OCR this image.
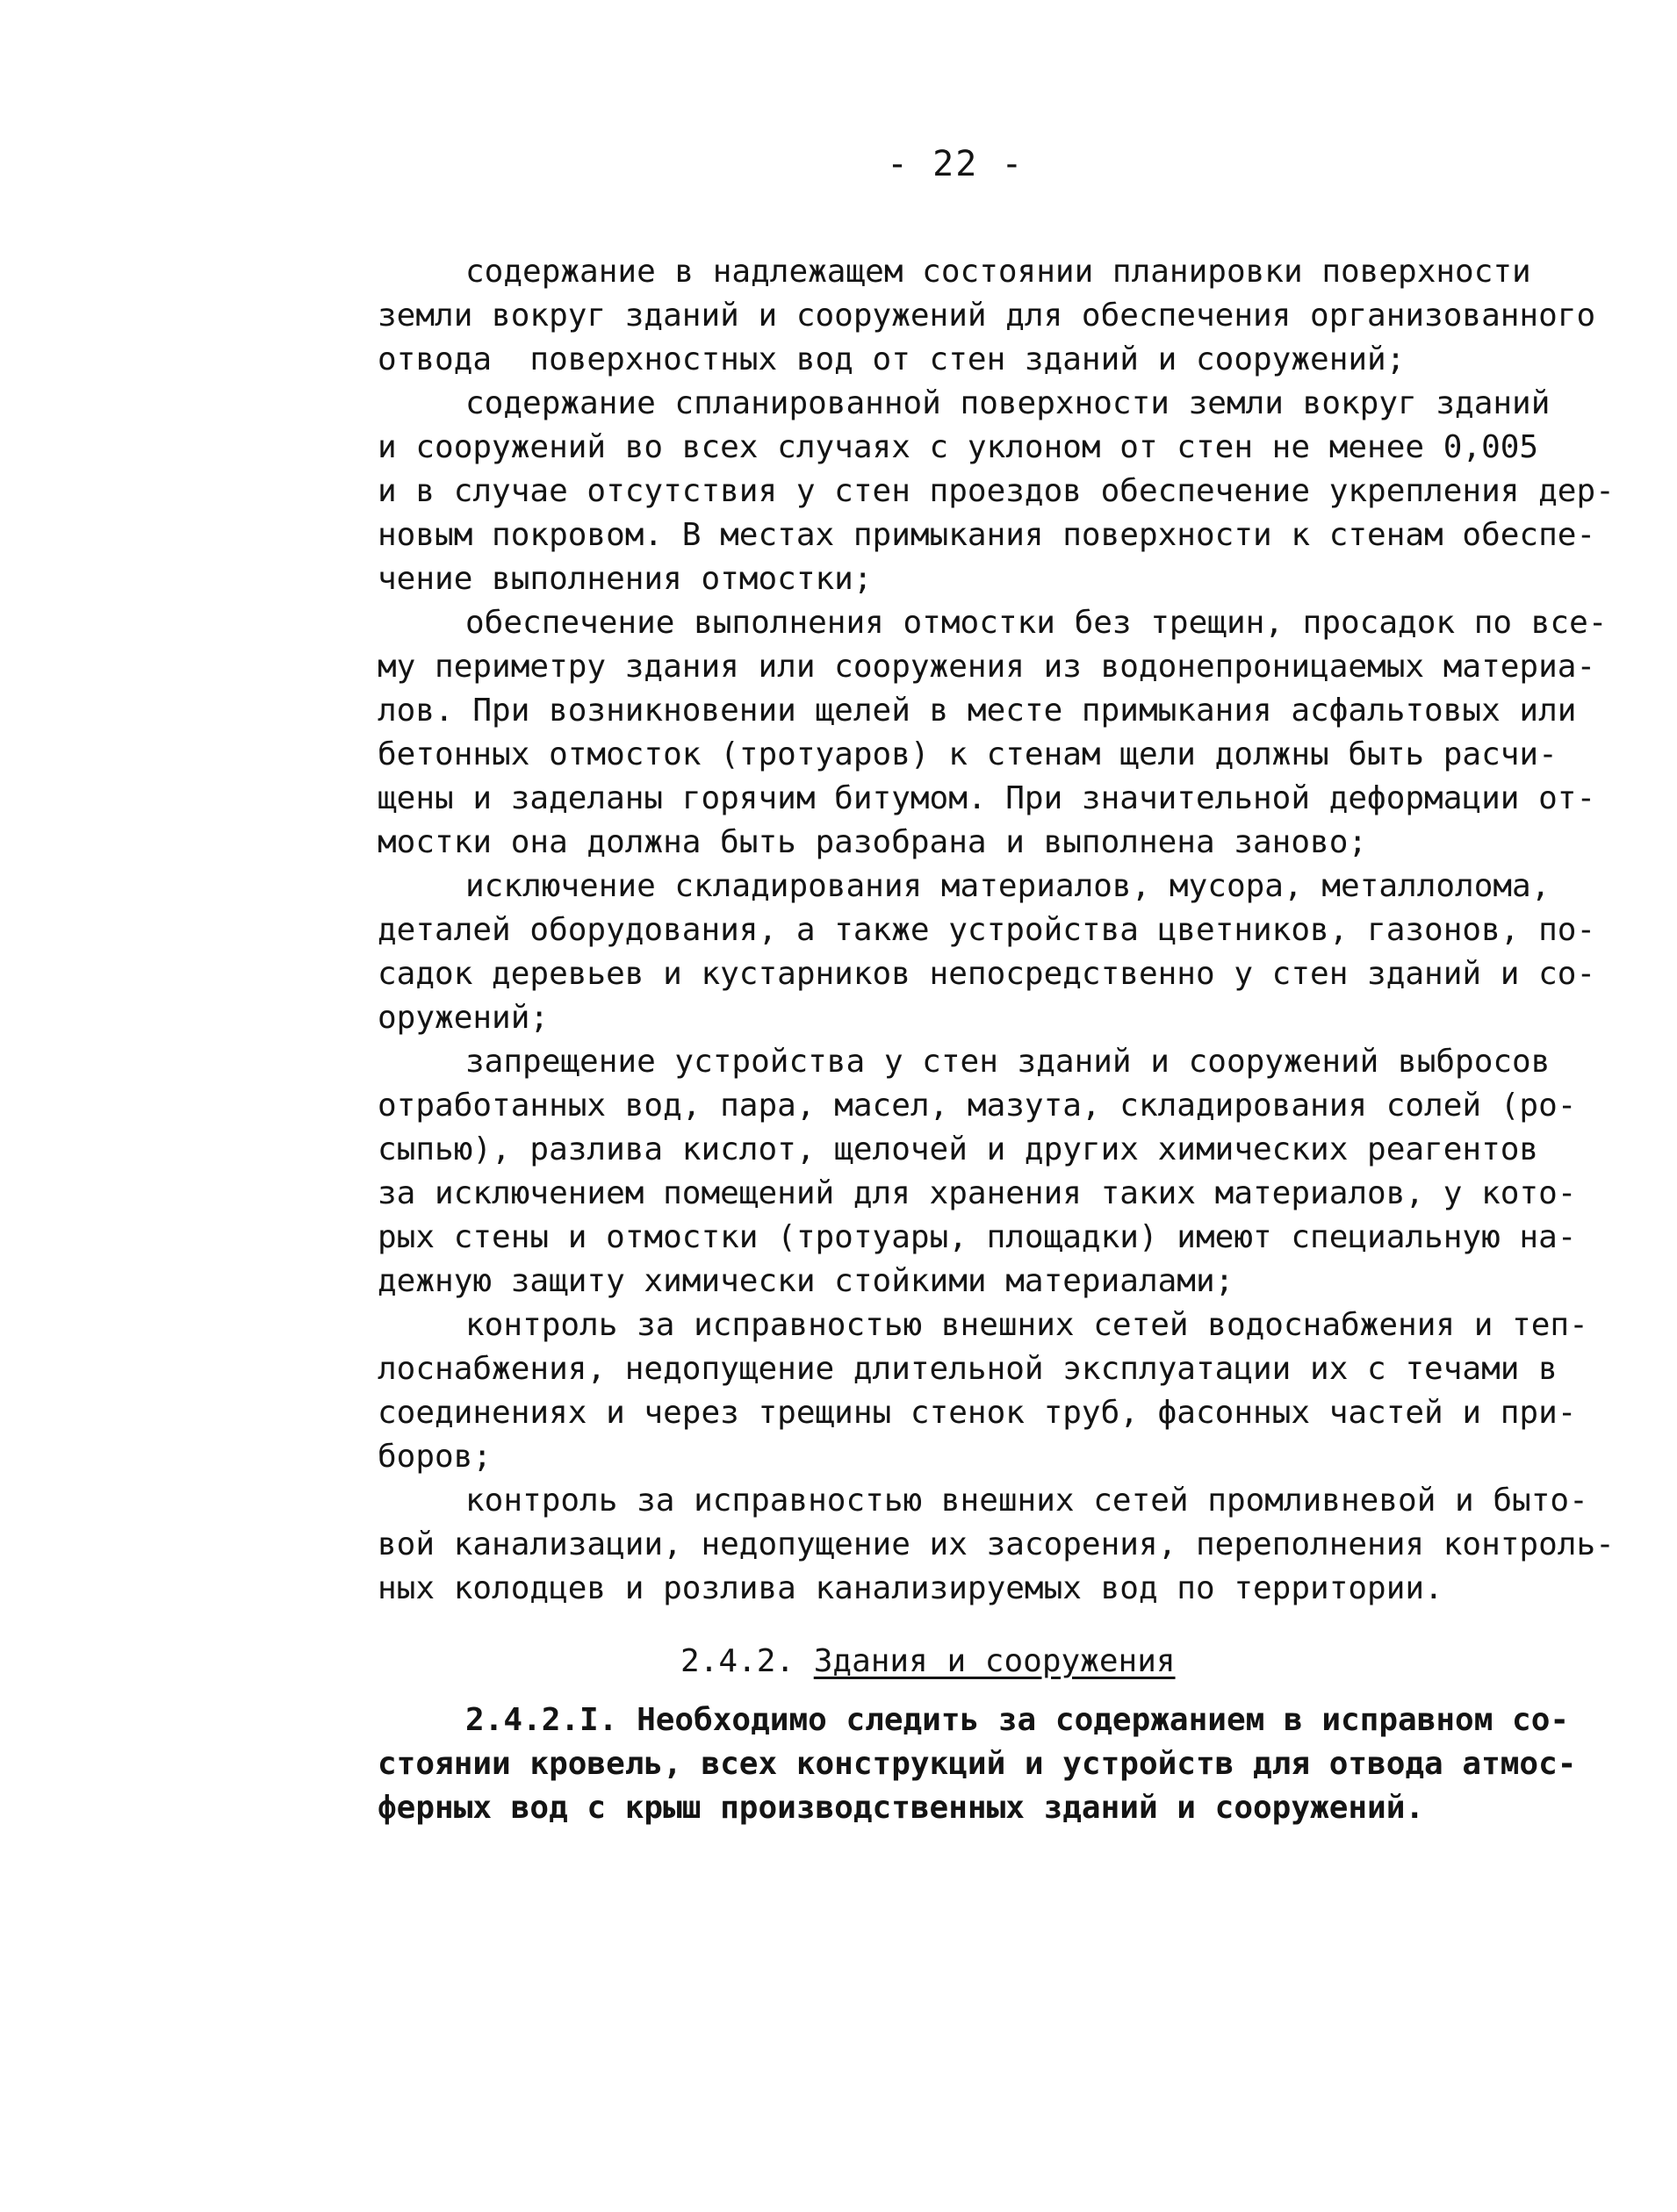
- 22 -
содержание в надлежащем состоянии планировки поверхности
земли вокруг зданий и сооружений для обеспечения организованного
отвода  поверхностных вод от стен зданий и сооружений;
содержание спланированной поверхности земли вокруг зданий
и сооружений во всех случаях с уклоном от стен не менее 0,005
и в случае отсутствия у стен проездов обеспечение укрепления дер-
новым покровом. В местах примыкания поверхности к стенам обеспе-
чение выполнения отмостки;
обеспечение выполнения отмостки без трещин, просадок по все-
му периметру здания или сооружения из водонепроницаемых материа-
лов. При возникновении щелей в месте примыкания асфальтовых или
бетонных отмосток (тротуаров) к стенам щели должны быть расчи-
щены и заделаны горячим битумом. При значительной деформации от-
мостки она должна быть разобрана и выполнена заново;
исключение складирования материалов, мусора, металлолома,
деталей оборудования, а также устройства цветников, газонов, по-
садок деревьев и кустарников непосредственно у стен зданий и со-
оружений;
запрещение устройства у стен зданий и сооружений выбросов
отработанных вод, пара, масел, мазута, складирования солей (ро-
сыпью), разлива кислот, щелочей и других химических реагентов
за исключением помещений для хранения таких материалов, у кото-
рых стены и отмостки (тротуары, площадки) имеют специальную на-
дежную защиту химически стойкими материалами;
контроль за исправностью внешних сетей водоснабжения и теп-
лоснабжения, недопущение длительной эксплуатации их с течами в
соединениях и через трещины стенок труб, фасонных частей и при-
боров;
контроль за исправностью внешних сетей промливневой и быто-
вой канализации, недопущение их засорения, переполнения контроль-
ных колодцев и розлива канализируемых вод по территории.
2.4.2. Здания и сооружения
2.4.2.I. Необходимо следить за содержанием в исправном со-
стоянии кровель, всех конструкций и устройств для отвода атмос-
ферных вод с крыш производственных зданий и сооружений.
